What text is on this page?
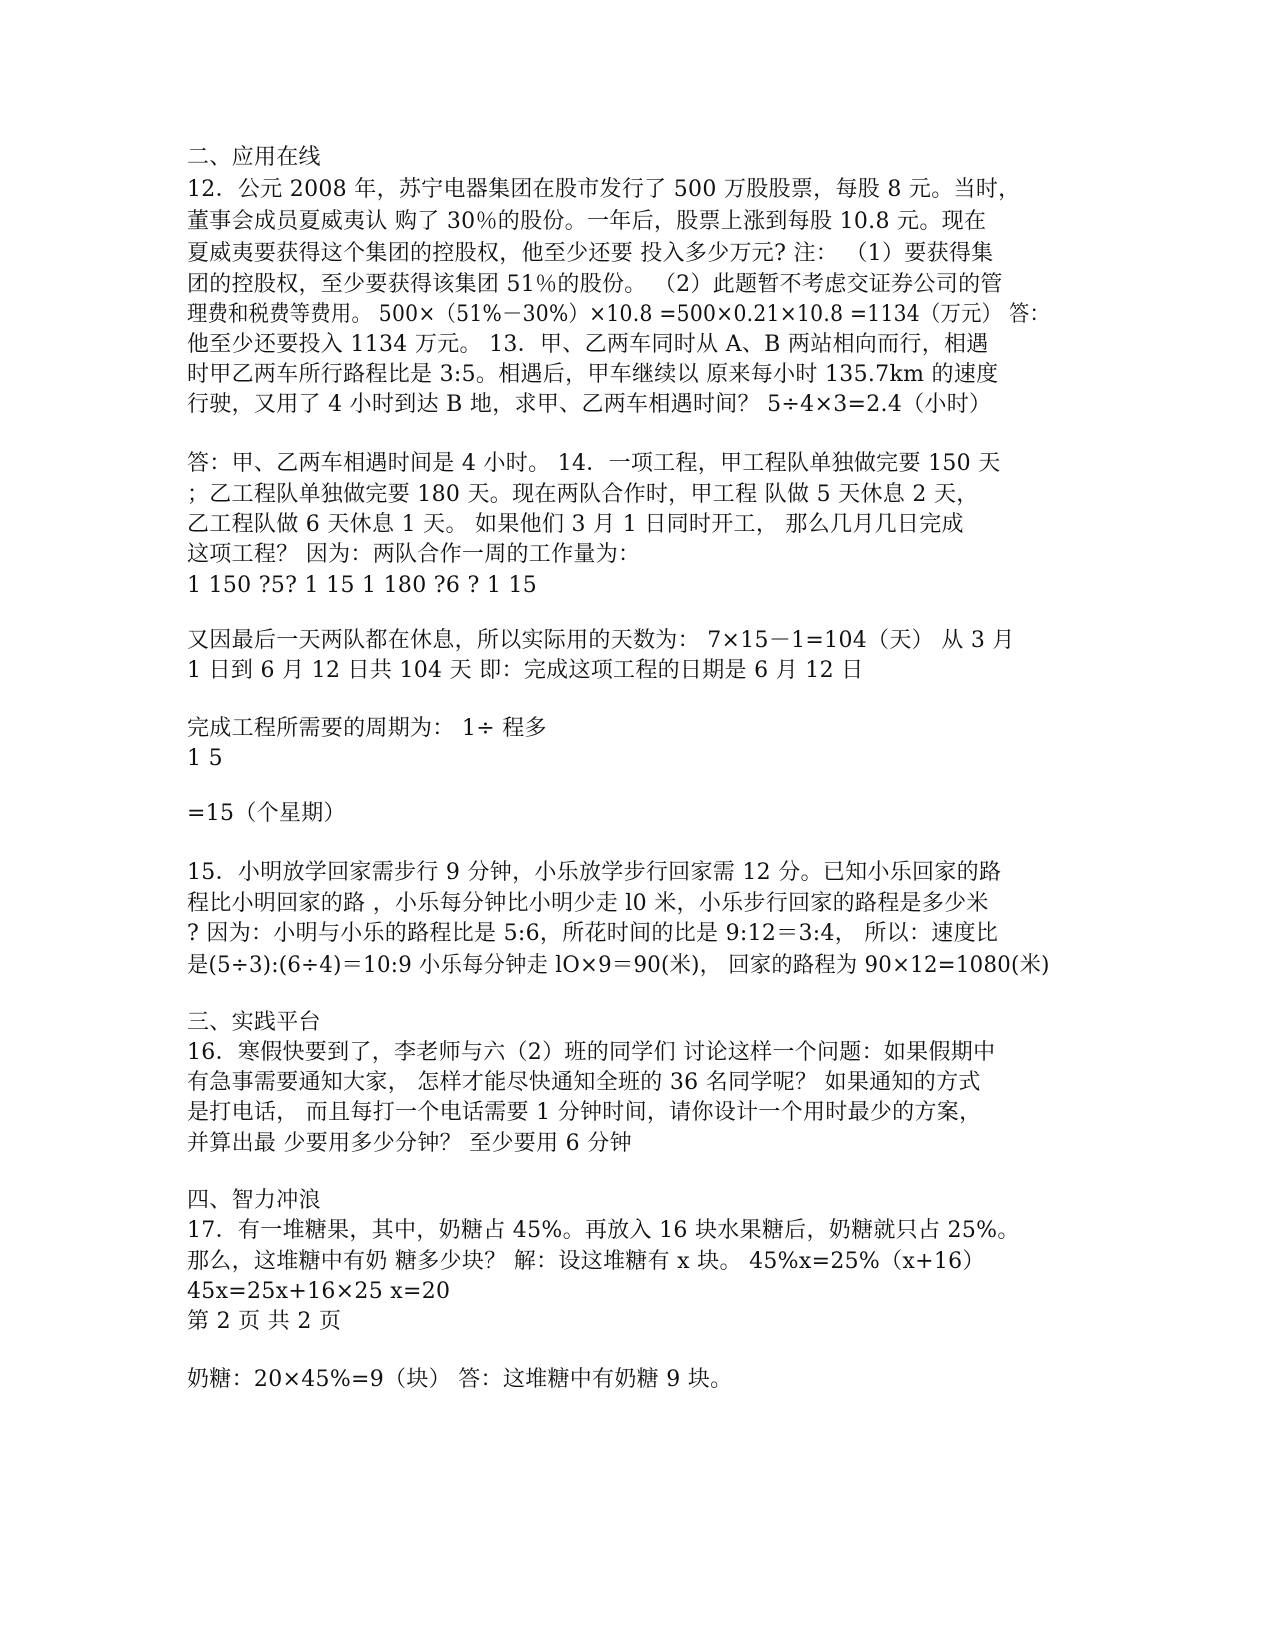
二、应用在线
12．公元 2008 年，苏宁电器集团在股市发行了 500 万股股票，每股 8 元。当时，
董事会成员夏威夷认 购了 30％的股份。一年后，股票上涨到每股 10.8 元。现在
夏威夷要获得这个集团的控股权，他至少还要 投入多少万元? 注： （1）要获得集
团的控股权，至少要获得该集团 51％的股份。 （2）此题暂不考虑交证券公司的管
理费和税费等费用。 500×（51%－30%）×10.8 =500×0.21×10.8 =1134（万元） 答：
他至少还要投入 1134 万元。 13．甲、乙两车同时从 A、B 两站相向而行，相遇
时甲乙两车所行路程比是 3:5。相遇后，甲车继续以 原来每小时 135.7km 的速度
行驶，又用了 4 小时到达 B 地，求甲、乙两车相遇时间？ 5÷4×3=2.4（小时）
答：甲、乙两车相遇时间是 4 小时。 14．一项工程，甲工程队单独做完要 150 天
；乙工程队单独做完要 180 天。现在两队合作时，甲工程 队做 5 天休息 2 天，
乙工程队做 6 天休息 1 天。 如果他们 3 月 1 日同时开工， 那么几月几日完成
这项工程？ 因为：两队合作一周的工作量为：
1 150 ?5? 1 15 1 180 ?6 ? 1 15
又因最后一天两队都在休息，所以实际用的天数为： 7×15－1=104（天） 从 3 月
1 日到 6 月 12 日共 104 天 即：完成这项工程的日期是 6 月 12 日
完成工程所需要的周期为： 1÷ 程多
1 5
=15（个星期）
15．小明放学回家需步行 9 分钟，小乐放学步行回家需 12 分。已知小乐回家的路
程比小明回家的路 ，小乐每分钟比小明少走 l0 米，小乐步行回家的路程是多少米
? 因为：小明与小乐的路程比是 5:6，所花时间的比是 9:12＝3:4， 所以：速度比
是(5÷3):(6÷4)＝10:9 小乐每分钟走 lO×9＝90(米)， 回家的路程为 90×12=1080(米)
三、实践平台
16．寒假快要到了，李老师与六（2）班的同学们 讨论这样一个问题：如果假期中
有急事需要通知大家， 怎样才能尽快通知全班的 36 名同学呢？ 如果通知的方式
是打电话， 而且每打一个电话需要 1 分钟时间，请你设计一个用时最少的方案，
并算出最 少要用多少分钟？ 至少要用 6 分钟
四、智力冲浪
17．有一堆糖果，其中，奶糖占 45%。再放入 16 块水果糖后，奶糖就只占 25%。
那么，这堆糖中有奶 糖多少块？ 解：设这堆糖有 x 块。 45%x=25%（x+16）
45x=25x+16×25 x=20
第 2 页 共 2 页
奶糖：20×45%=9（块） 答：这堆糖中有奶糖 9 块。
